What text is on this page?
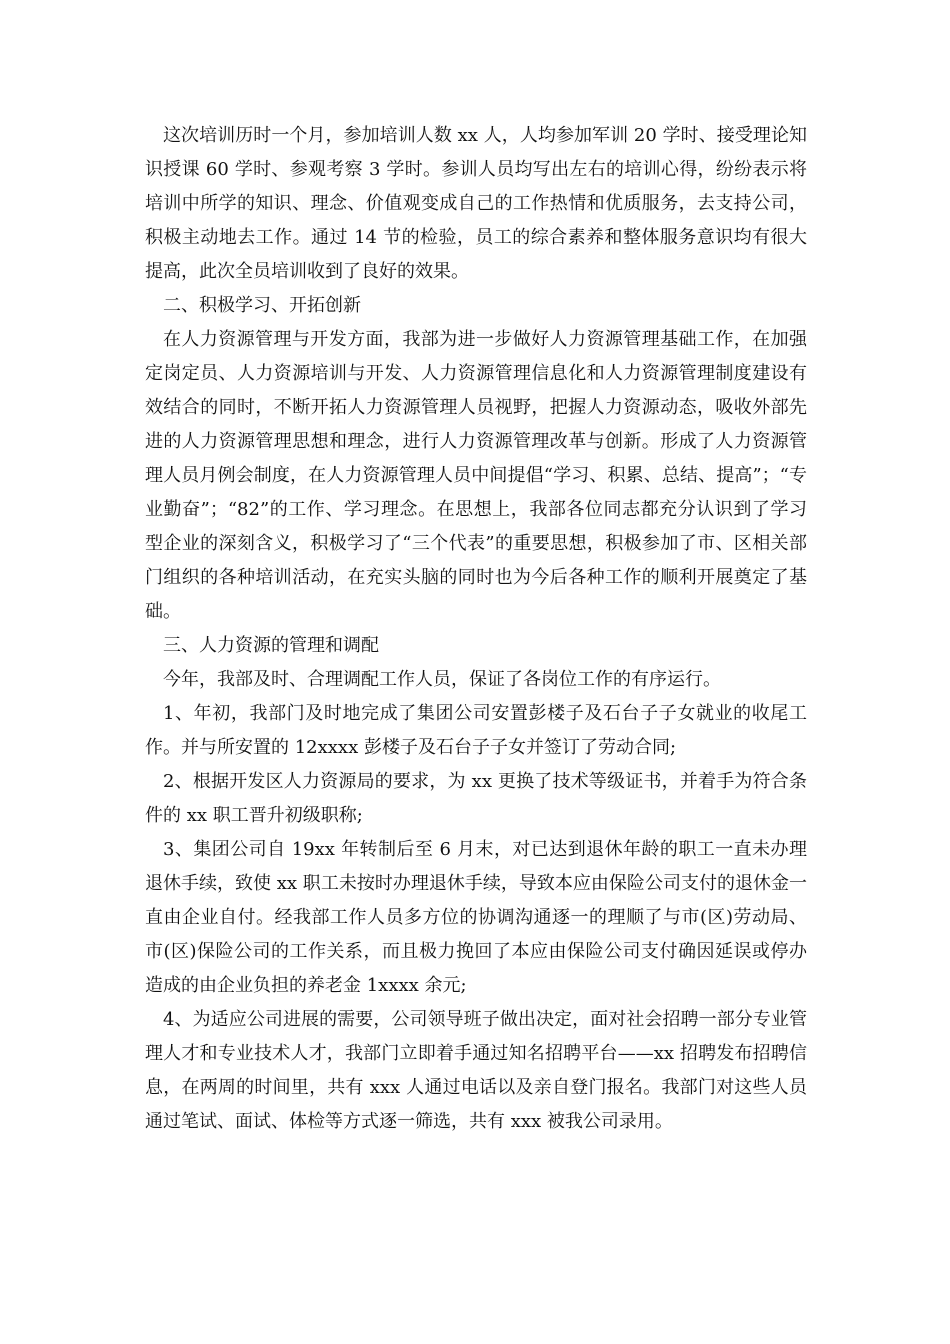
这次培训历时一个月，参加培训人数 xx 人，人均参加军训 20 学时、接受理论知识授课 60 学时、参观考察 3 学时。参训人员均写出左右的培训心得，纷纷表示将培训中所学的知识、理念、价值观变成自己的工作热情和优质服务，去支持公司，积极主动地去工作。通过 14 节的检验，员工的综合素养和整体服务意识均有很大提高，此次全员培训收到了良好的效果。

二、积极学习、开拓创新

在人力资源管理与开发方面，我部为进一步做好人力资源管理基础工作，在加强定岗定员、人力资源培训与开发、人力资源管理信息化和人力资源管理制度建设有效结合的同时，不断开拓人力资源管理人员视野，把握人力资源动态，吸收外部先进的人力资源管理思想和理念，进行人力资源管理改革与创新。形成了人力资源管理人员月例会制度，在人力资源管理人员中间提倡“学习、积累、总结、提高”；“专业勤奋”；“82”的工作、学习理念。在思想上，我部各位同志都充分认识到了学习型企业的深刻含义，积极学习了“三个代表”的重要思想，积极参加了市、区相关部门组织的各种培训活动，在充实头脑的同时也为今后各种工作的顺利开展奠定了基础。

三、人力资源的管理和调配

今年，我部及时、合理调配工作人员，保证了各岗位工作的有序运行。

1、年初，我部门及时地完成了集团公司安置彭楼子及石台子子女就业的收尾工作。并与所安置的 12xxxx 彭楼子及石台子子女并签订了劳动合同;

2、根据开发区人力资源局的要求，为 xx 更换了技术等级证书，并着手为符合条件的 xx 职工晋升初级职称;

3、集团公司自 19xx 年转制后至 6 月末，对已达到退休年龄的职工一直未办理退休手续，致使 xx 职工未按时办理退休手续，导致本应由保险公司支付的退休金一直由企业自付。经我部工作人员多方位的协调沟通逐一的理顺了与市(区)劳动局、市(区)保险公司的工作关系，而且极力挽回了本应由保险公司支付确因延误或停办造成的由企业负担的养老金 1xxxx 余元;

4、为适应公司进展的需要，公司领导班子做出决定，面对社会招聘一部分专业管理人才和专业技术人才，我部门立即着手通过知名招聘平台——xx 招聘发布招聘信息，在两周的时间里，共有 xxx 人通过电话以及亲自登门报名。我部门对这些人员通过笔试、面试、体检等方式逐一筛选，共有 xxx 被我公司录用。
